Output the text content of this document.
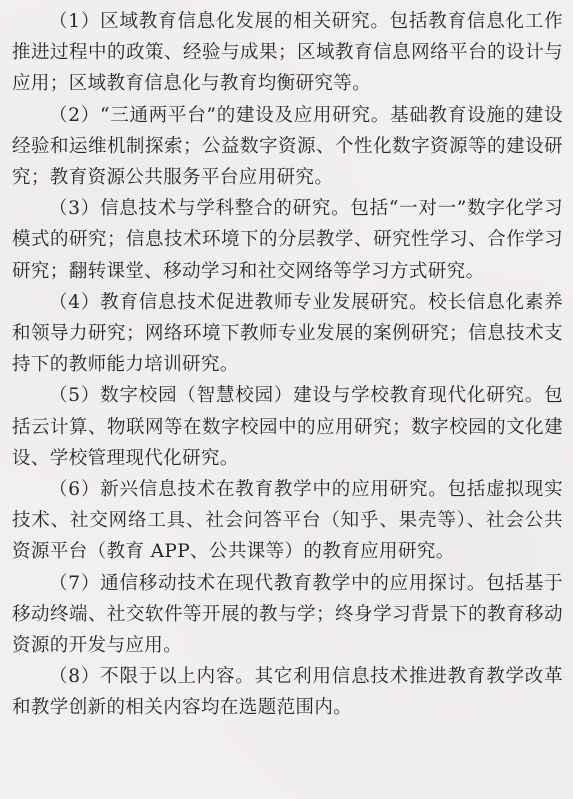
（1）区域教育信息化发展的相关研究。包括教育信息化工作推进过程中的政策、经验与成果；区域教育信息网络平台的设计与应用；区域教育信息化与教育均衡研究等。

（2）“三通两平台”的建设及应用研究。基础教育设施的建设经验和运维机制探索；公益数字资源、个性化数字资源等的建设研究；教育资源公共服务平台应用研究。

（3）信息技术与学科整合的研究。包括“一对一”数字化学习模式的研究；信息技术环境下的分层教学、研究性学习、合作学习研究；翻转课堂、移动学习和社交网络等学习方式研究。

（4）教育信息技术促进教师专业发展研究。校长信息化素养和领导力研究；网络环境下教师专业发展的案例研究；信息技术支持下的教师能力培训研究。

（5）数字校园（智慧校园）建设与学校教育现代化研究。包括云计算、物联网等在数字校园中的应用研究；数字校园的文化建设、学校管理现代化研究。

（6）新兴信息技术在教育教学中的应用研究。包括虚拟现实技术、社交网络工具、社会问答平台（知乎、果壳等）、社会公共资源平台（教育 APP、公共课等）的教育应用研究。

（7）通信移动技术在现代教育教学中的应用探讨。包括基于移动终端、社交软件等开展的教与学；终身学习背景下的教育移动资源的开发与应用。

（8）不限于以上内容。其它利用信息技术推进教育教学改革和教学创新的相关内容均在选题范围内。
